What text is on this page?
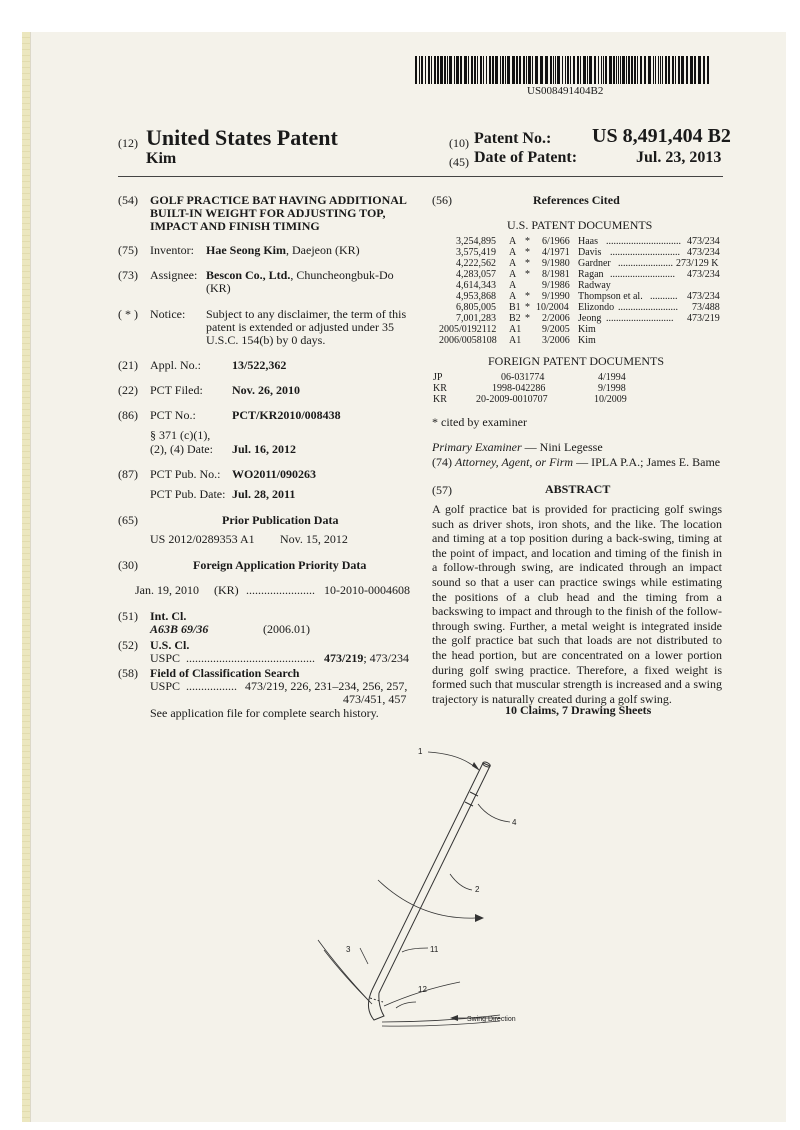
US008491404B2
(12) United States Patent
Kim
(10) Patent No.: US 8,491,404 B2
(45) Date of Patent:	Jul. 23, 2013
(54) GOLF PRACTICE BAT HAVING ADDITIONAL
BUILT-IN WEIGHT FOR ADJUSTING TOP,
IMPACT AND FINISH TIMING
(75) Inventor: Hae Seong Kim, Daejeon (KR)
(73) Assignee: Bescon Co., Ltd., Chuncheongbuk-Do
(KR)
( * ) Notice: Subject to any disclaimer, the term of this
patent is extended or adjusted under 35
U.S.C. 154(b) by 0 days.
(21) Appl. No.:	13/522,362
(22) PCT Filed: Nov. 26, 2010
(86) PCT No.:	PCT/KR2010/008438
§ 371 (c)(1),
(2), (4) Date: Jul. 16, 2012
(87) PCT Pub. No.: WO2011/090263
PCT Pub. Date: Jul. 28, 2011
(65)	Prior Publication Data
US 2012/0289353 A1 Nov. 15, 2012
(30)	Foreign Application Priority Data
Jan. 19, 2010 (KR) ....................... 10-2010-0004608
(51) Int. Cl.
A63B 69/36	(2006.01)
(52) U.S. Cl.
USPC ........................................... 473/219; 473/234
(58) Field of Classification Search
USPC ................. 473/219, 226, 231–234, 256, 257,
473/451, 457
See application file for complete search history.
(56)	References Cited
U.S. PATENT DOCUMENTS
3,254,895 A * 6/1966 Haas .............................. 473/234
3,575,419 A * 4/1971 Davis ............................ 473/234
4,222,562 A * 9/1980 Gardner ...................... 273/129 K
4,283,057 A * 8/1981 Ragan .......................... 473/234
4,614,343 A	9/1986 Radway
4,953,868 A * 9/1990 Thompson et al. ........... 473/234
6,805,005 B1 * 10/2004 Elizondo ........................ 73/488
7,001,283 B2 * 2/2006 Jeong ........................... 473/219
2005/0192112 A1 9/2005 Kim
2006/0058108 A1 3/2006 Kim
FOREIGN PATENT DOCUMENTS
JP	06-031774	4/1994
KR	1998-042286	9/1998
KR	20-2009-0010707	10/2009
* cited by examiner
Primary Examiner — Nini Legesse
(74) Attorney, Agent, or Firm — IPLA P.A.; James E. Bame
(57)	ABSTRACT
A golf practice bat is provided for practicing golf swings such as driver shots, iron shots, and the like. The location and timing at a top position during a back-swing, timing at the point of impact, and location and timing of the finish in a follow-through swing, are indicated through an impact sound so that a user can practice swings while estimating the positions of a club head and the timing from a backswing to impact and through to the finish of the follow-through swing. Further, a metal weight is integrated inside the golf practice bat such that loads are not distributed to the head portion, but are concentrated on a lower portion during golf swing practice. Therefore, a fixed weight is formed such that muscular strength is increased and a swing trajectory is naturally created during a golf swing.
10 Claims, 7 Drawing Sheets
1
4
2
3	11
12
Swing Direction
